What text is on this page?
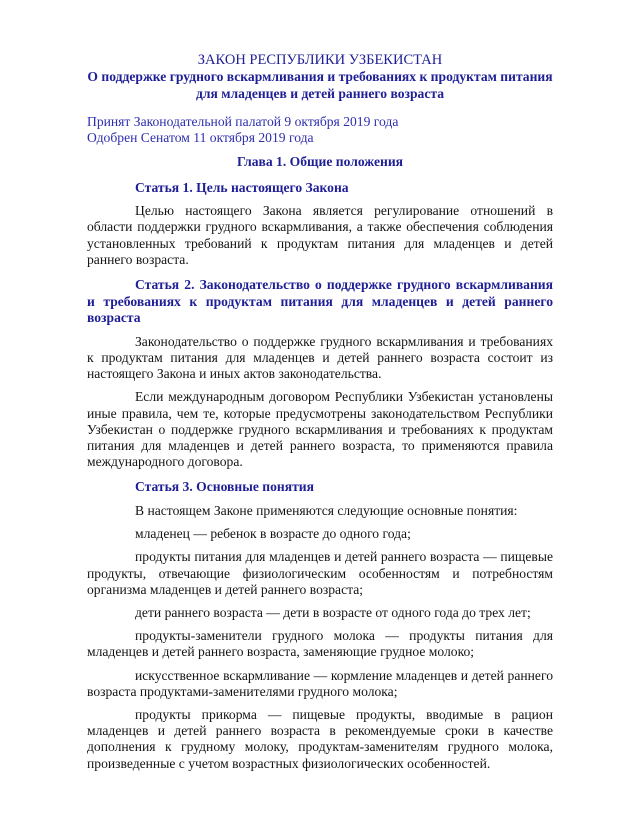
ЗАКОН РЕСПУБЛИКИ УЗБЕКИСТАН
О поддержке грудного вскармливания и требованиях к продуктам питания для младенцев и детей раннего возраста

Принят Законодательной палатой 9 октября 2019 года

Одобрен Сенатом 11 октября 2019 года

Глава 1. Общие положения
Статья 1. Цель настоящего Закона

Целью настоящего Закона является регулирование отношений в области поддержки грудного вскармливания, а также обеспечения соблюдения установленных требований к продуктам питания для младенцев и детей раннего возраста.

Статья 2. Законодательство о поддержке грудного вскармливания и требованиях к продуктам питания для младенцев и детей раннего возраста

Законодательство о поддержке грудного вскармливания и требованиях к продуктам питания для младенцев и детей раннего возраста состоит из настоящего Закона и иных актов законодательства.

Если международным договором Республики Узбекистан установлены иные правила, чем те, которые предусмотрены законодательством Республики Узбекистан о поддержке грудного вскармливания и требованиях к продуктам питания для младенцев и детей раннего возраста, то применяются правила международного договора.

Статья 3. Основные понятия

В настоящем Законе применяются следующие основные понятия:

младенец — ребенок в возрасте до одного года;

продукты питания для младенцев и детей раннего возраста — пищевые продукты, отвечающие физиологическим особенностям и потребностям организма младенцев и детей раннего возраста;

дети раннего возраста — дети в возрасте от одного года до трех лет;

продукты-заменители грудного молока — продукты питания для младенцев и детей раннего возраста, заменяющие грудное молоко;

искусственное вскармливание — кормление младенцев и детей раннего возраста продуктами-заменителями грудного молока;

продукты прикорма — пищевые продукты, вводимые в рацион младенцев и детей раннего возраста в рекомендуемые сроки в качестве дополнения к грудному молоку, продуктам-заменителям грудного молока, произведенные с учетом возрастных физиологических особенностей.
